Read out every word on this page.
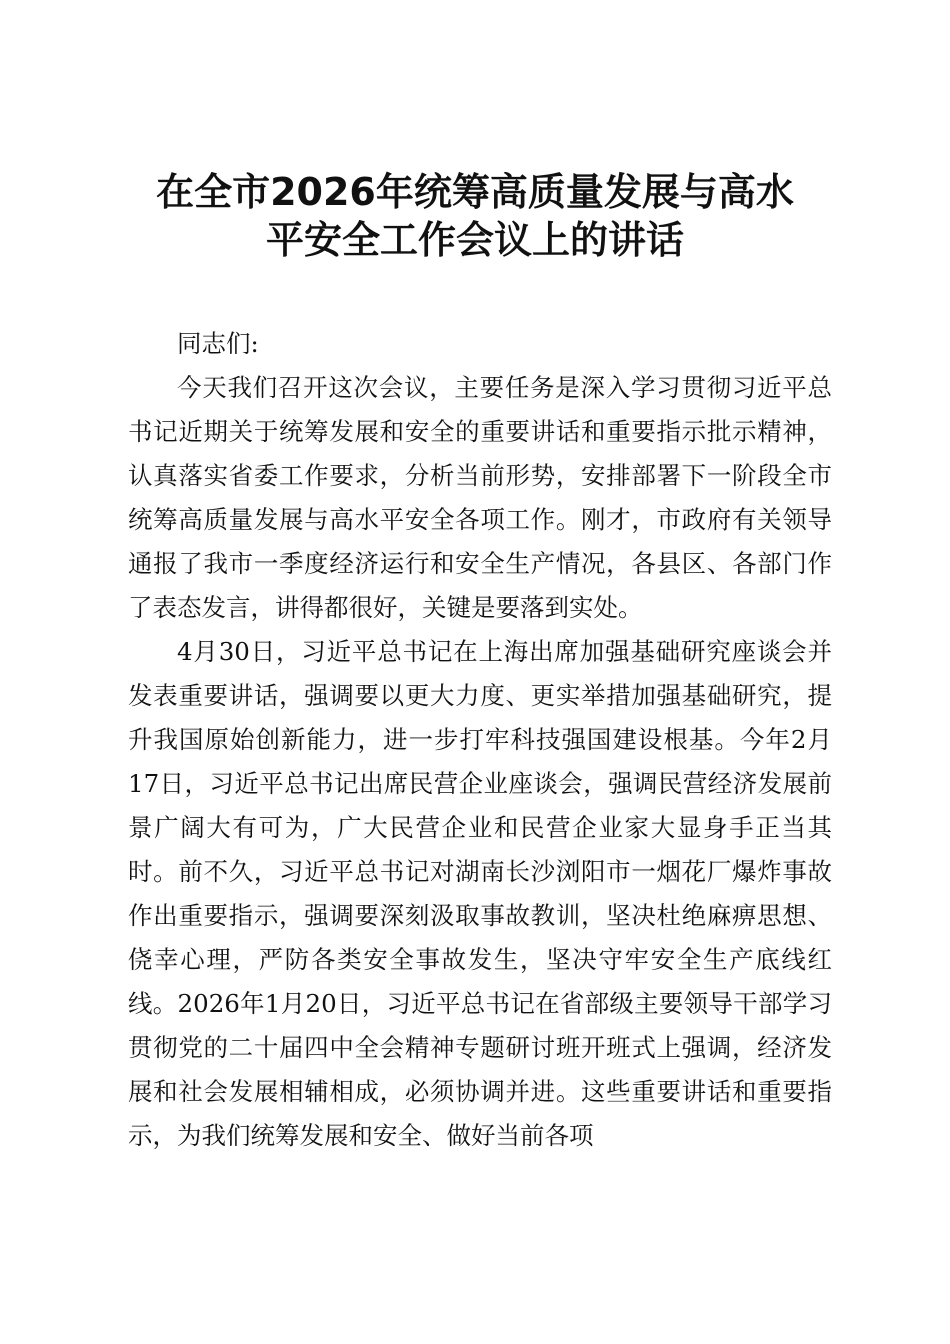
在全市2026年统筹高质量发展与高水
平安全工作会议上的讲话

同志们:

今天我们召开这次会议，主要任务是深入学习贯彻习近平总书记近期关于统筹发展和安全的重要讲话和重要指示批示精神，认真落实省委工作要求，分析当前形势，安排部署下一阶段全市统筹高质量发展与高水平安全各项工作。刚才，市政府有关领导通报了我市一季度经济运行和安全生产情况，各县区、各部门作了表态发言，讲得都很好，关键是要落到实处。

4月30日，习近平总书记在上海出席加强基础研究座谈会并发表重要讲话，强调要以更大力度、更实举措加强基础研究，提升我国原始创新能力，进一步打牢科技强国建设根基。今年2月17日，习近平总书记出席民营企业座谈会，强调民营经济发展前景广阔大有可为，广大民营企业和民营企业家大显身手正当其时。前不久，习近平总书记对湖南长沙浏阳市一烟花厂爆炸事故作出重要指示，强调要深刻汲取事故教训，坚决杜绝麻痹思想、侥幸心理，严防各类安全事故发生，坚决守牢安全生产底线红线。2026年1月20日，习近平总书记在省部级主要领导干部学习贯彻党的二十届四中全会精神专题研讨班开班式上强调，经济发展和社会发展相辅相成，必须协调并进。这些重要讲话和重要指示，为我们统筹发展和安全、做好当前各项
